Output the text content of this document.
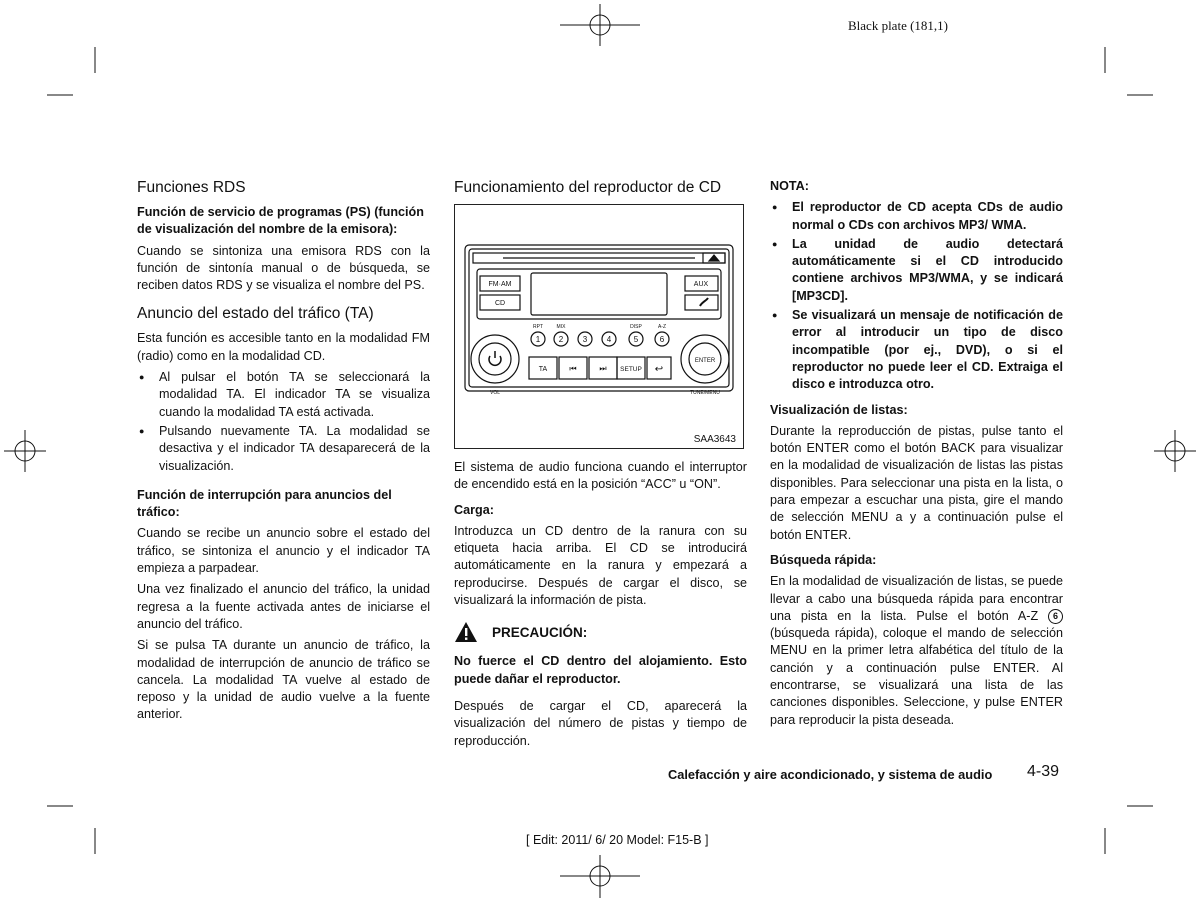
Black plate (181,1)
Funciones RDS
Función de servicio de programas (PS) (función de visualización del nombre de la emisora):

Cuando se sintoniza una emisora RDS con la función de sintonía manual o de búsqueda, se reciben datos RDS y se visualiza el nombre del PS.

Anuncio del estado del tráfico (TA)

Esta función es accesible tanto en la modalidad FM (radio) como en la modalidad CD.

● Al pulsar el botón TA se seleccionará la modalidad TA. El indicador TA se visualiza cuando la modalidad TA está activada.
● Pulsando nuevamente TA. La modalidad se desactiva y el indicador TA desaparecerá de la visualización.
Función de interrupción para anuncios del tráfico:

Cuando se recibe un anuncio sobre el estado del tráfico, se sintoniza el anuncio y el indicador TA empieza a parpadear.

Una vez finalizado el anuncio del tráfico, la unidad regresa a la fuente activada antes de iniciarse el anuncio del tráfico.

Si se pulsa TA durante un anuncio de tráfico, la modalidad de interrupción de anuncio de tráfico se cancela. La modalidad TA vuelve al estado de reposo y la unidad de audio vuelve a la fuente anterior.

Funcionamiento del reproductor de CD
FM·AM
CD
AUX
RPT	MIX	DISP	A-Z
1 2 3 4	5	6
TA	⏮	⏭ SETUP ↩
ENTER
VOL	TUNE/MENU
SAA3643

El sistema de audio funciona cuando el interruptor de encendido está en la posición “ACC” u “ON”.

Carga:

Introduzca un CD dentro de la ranura con su etiqueta hacia arriba. El CD se introducirá automáticamente en la ranura y empezará a reproducirse. Después de cargar el disco, se visualizará la información de pista.

PRECAUCIÓN:

No fuerce el CD dentro del alojamiento. Esto puede dañar el reproductor.

Después de cargar el CD, aparecerá la visualización del número de pistas y tiempo de reproducción.

NOTA:
● El reproductor de CD acepta CDs de audio normal o CDs con archivos MP3/ WMA.
● La unidad de audio detectará automáticamente si el CD introducido contiene archivos MP3/WMA, y se indicará [MP3CD].
● Se visualizará un mensaje de notificación de error al introducir un tipo de disco incompatible (por ej., DVD), o si el reproductor no puede leer el CD. Extraiga el disco e introduzca otro.
Visualización de listas:

Durante la reproducción de pistas, pulse tanto el botón ENTER como el botón BACK para visualizar en la modalidad de visualización de listas las pistas disponibles. Para seleccionar una pista en la lista, o para empezar a escuchar una pista, gire el mando de selección MENU a y a continuación pulse el botón ENTER.

Búsqueda rápida:

En la modalidad de visualización de listas, se puede llevar a cabo una búsqueda rápida para encontrar una pista en la lista. Pulse el botón A-Z 6 (búsqueda rápida), coloque el mando de selección MENU en la primer letra alfabética del título de la canción y a continuación pulse ENTER. Al encontrarse, se visualizará una lista de las canciones disponibles. Seleccione, y pulse ENTER para reproducir la pista deseada.

Calefacción y aire acondicionado, y sistema de audio 4-39
[ Edit: 2011/ 6/ 20 Model: F15-B ]
